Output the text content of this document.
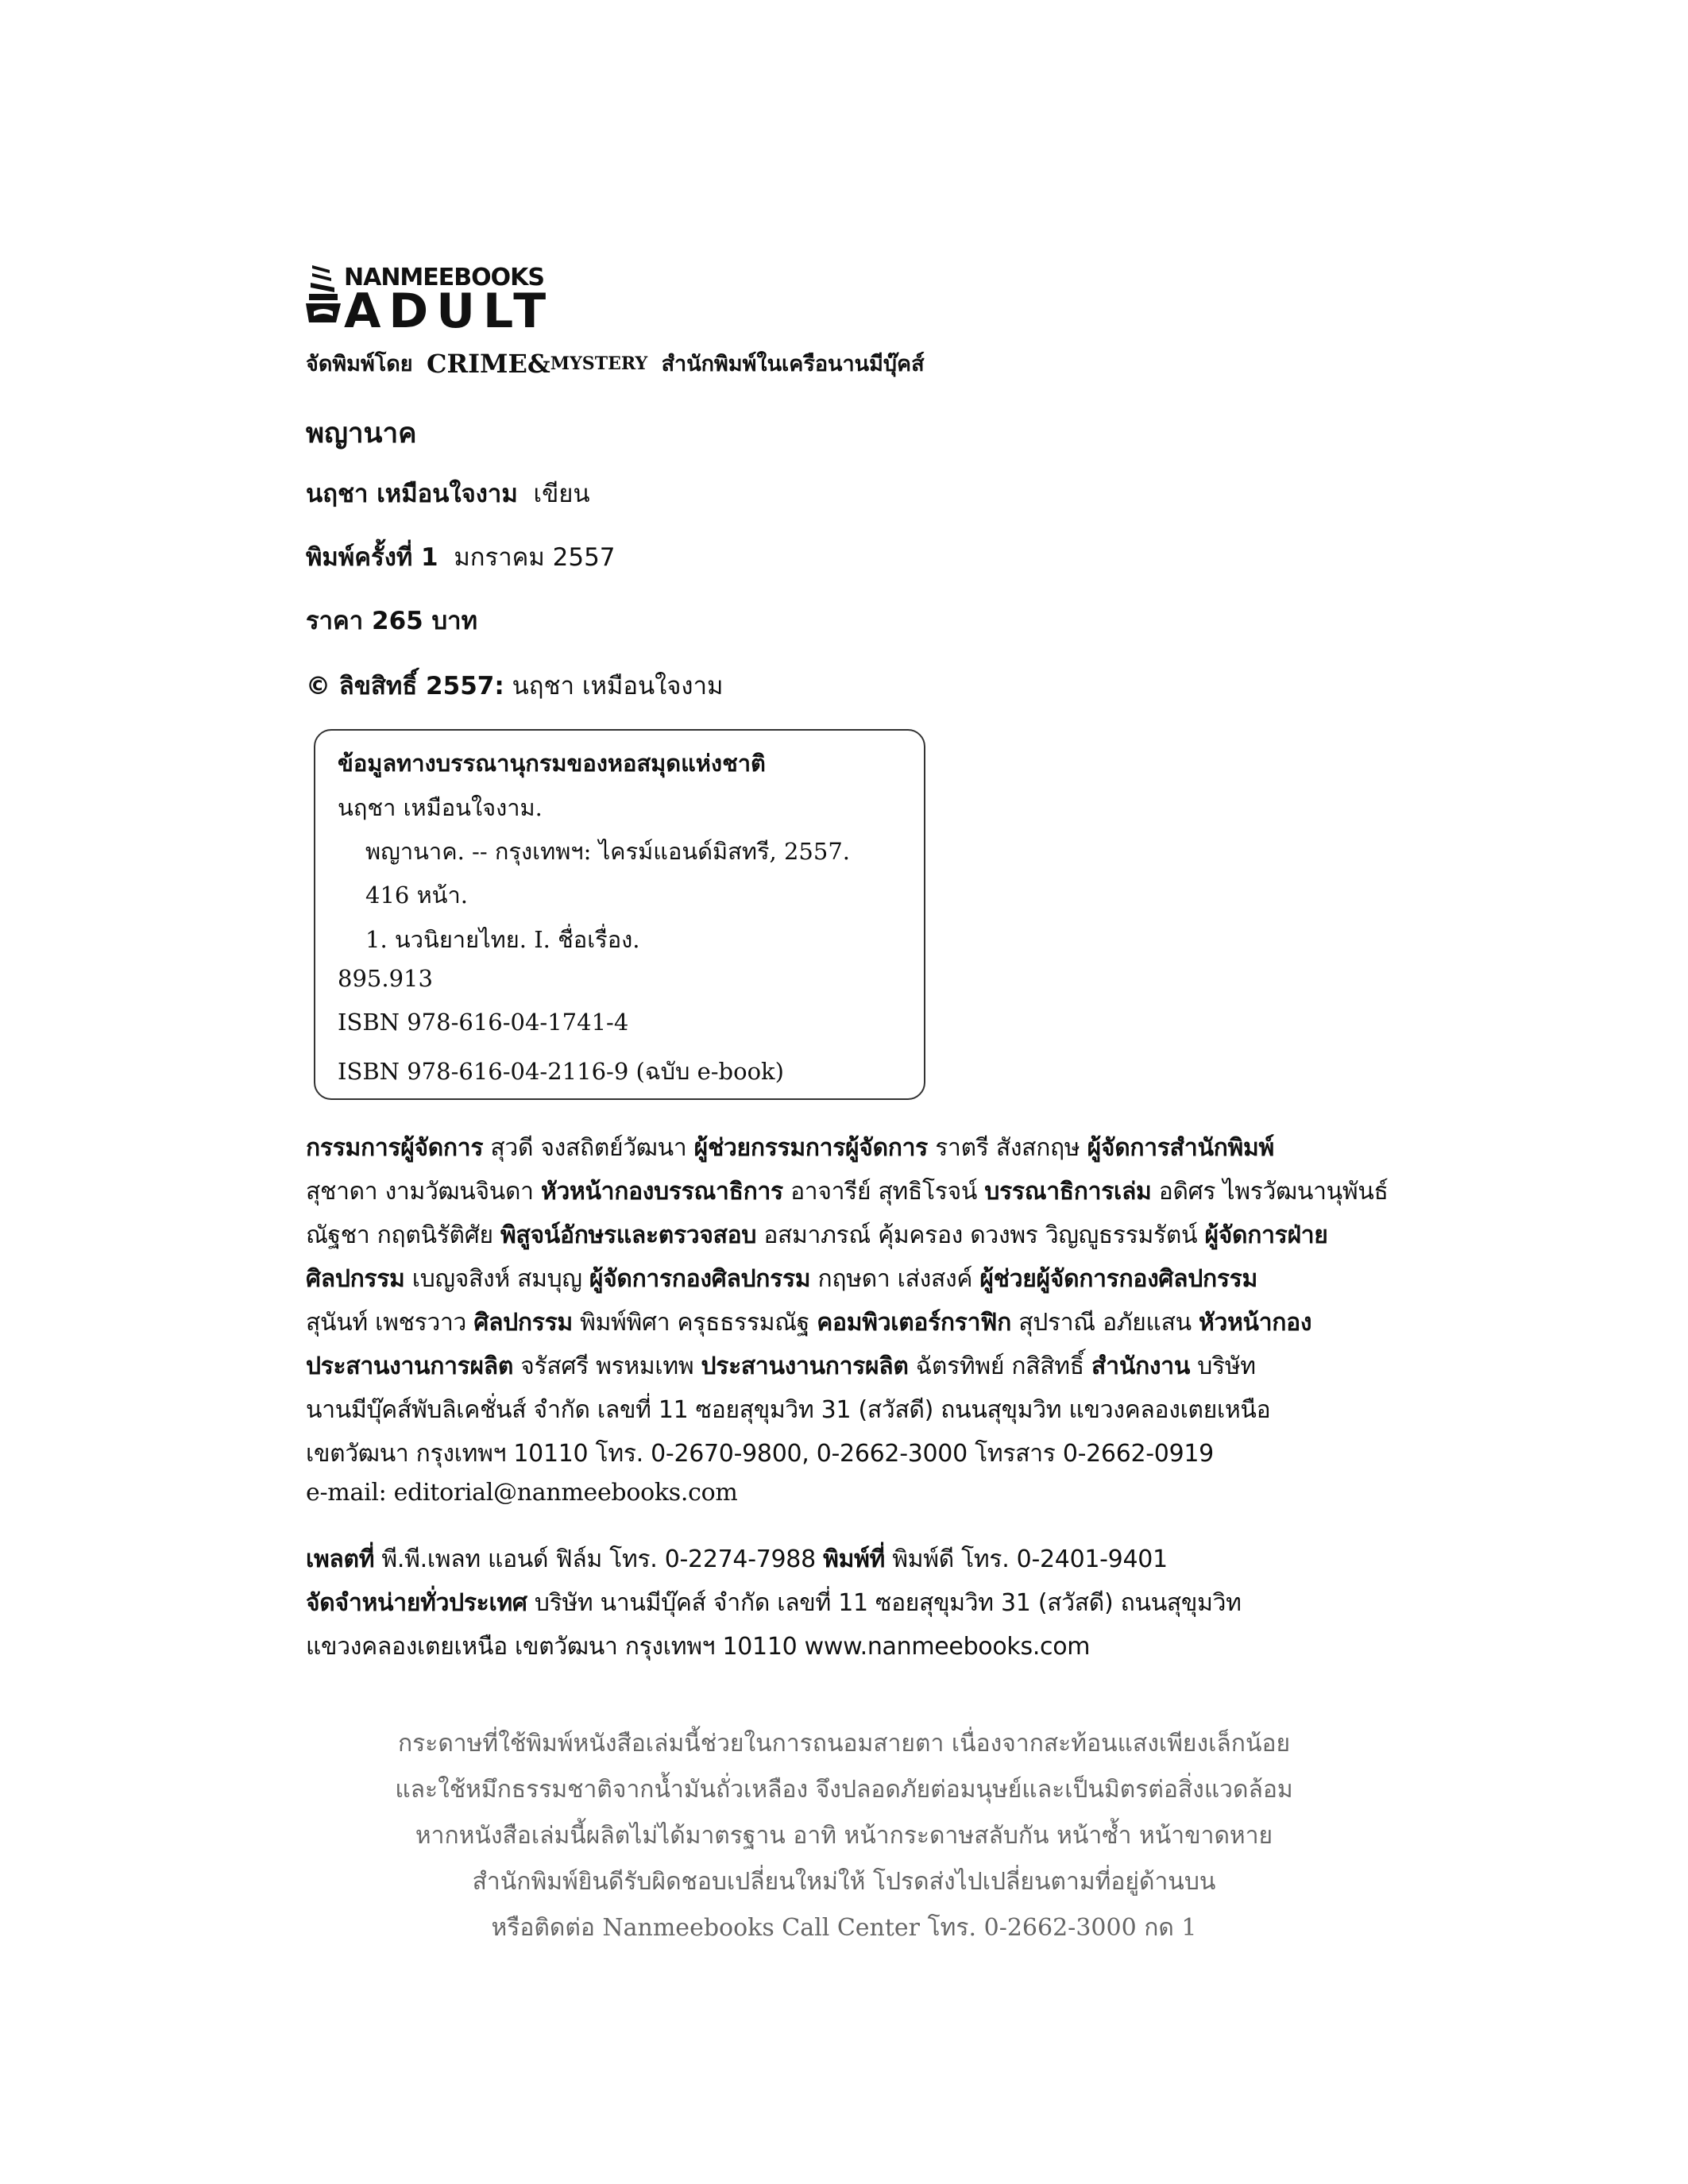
NANMEEBOOKS
ADULT
จัดพิมพ์โดย CRIME&MYSTERY สำนักพิมพ์ในเครือนานมีบุ๊คส์
พญานาค
นฤชา เหมือนใจงาม เขียน
พิมพ์ครั้งที่ 1 มกราคม 2557
ราคา 265 บาท
© ลิขสิทธิ์ 2557: นฤชา เหมือนใจงาม
ข้อมูลทางบรรณานุกรมของหอสมุดแห่งชาติ
นฤชา เหมือนใจงาม.
พญานาค. -- กรุงเทพฯ: ไครม์แอนด์มิสทรี, 2557.
416 หน้า.
1. นวนิยายไทย. I. ชื่อเรื่อง.
895.913
ISBN 978-616-04-1741-4
ISBN 978-616-04-2116-9 (ฉบับ e-book)
กรรมการผู้จัดการ สุวดี จงสถิตย์วัฒนา ผู้ช่วยกรรมการผู้จัดการ ราตรี สังสกฤษ ผู้จัดการสำนักพิมพ์
สุชาดา งามวัฒนจินดา หัวหน้ากองบรรณาธิการ อาจารีย์ สุทธิโรจน์ บรรณาธิการเล่ม อดิศร ไพรวัฒนานุพันธ์
ณัฐชา กฤตนิรัติศัย พิสูจน์อักษรและตรวจสอบ อสมาภรณ์ คุ้มครอง ดวงพร วิญญูธรรมรัตน์ ผู้จัดการฝ่าย
ศิลปกรรม เบญจสิงห์ สมบุญ ผู้จัดการกองศิลปกรรม กฤษดา เส่งสงค์ ผู้ช่วยผู้จัดการกองศิลปกรรม
สุนันท์ เพชรวาว ศิลปกรรม พิมพ์พิศา ครุธธรรมณัฐ คอมพิวเตอร์กราฟิก สุปราณี อภัยแสน หัวหน้ากอง
ประสานงานการผลิต จรัสศรี พรหมเทพ ประสานงานการผลิต ฉัตรทิพย์ กสิสิทธิ์ สำนักงาน บริษัท
นานมีบุ๊คส์พับลิเคชั่นส์ จำกัด เลขที่ 11 ซอยสุขุมวิท 31 (สวัสดี) ถนนสุขุมวิท แขวงคลองเตยเหนือ
เขตวัฒนา กรุงเทพฯ 10110 โทร. 0-2670-9800, 0-2662-3000 โทรสาร 0-2662-0919
e-mail: editorial@nanmeebooks.com
เพลตที่ พี.พี.เพลท แอนด์ ฟิล์ม โทร. 0-2274-7988 พิมพ์ที่ พิมพ์ดี โทร. 0-2401-9401
จัดจำหน่ายทั่วประเทศ บริษัท นานมีบุ๊คส์ จำกัด เลขที่ 11 ซอยสุขุมวิท 31 (สวัสดี) ถนนสุขุมวิท
แขวงคลองเตยเหนือ เขตวัฒนา กรุงเทพฯ 10110 www.nanmeebooks.com
กระดาษที่ใช้พิมพ์หนังสือเล่มนี้ช่วยในการถนอมสายตา เนื่องจากสะท้อนแสงเพียงเล็กน้อย
และใช้หมึกธรรมชาติจากน้ำมันถั่วเหลือง จึงปลอดภัยต่อมนุษย์และเป็นมิตรต่อสิ่งแวดล้อม
หากหนังสือเล่มนี้ผลิตไม่ได้มาตรฐาน อาทิ หน้ากระดาษสลับกัน หน้าซ้ำ หน้าขาดหาย
สำนักพิมพ์ยินดีรับผิดชอบเปลี่ยนใหม่ให้ โปรดส่งไปเปลี่ยนตามที่อยู่ด้านบน
หรือติดต่อ Nanmeebooks Call Center โทร. 0-2662-3000 กด 1
